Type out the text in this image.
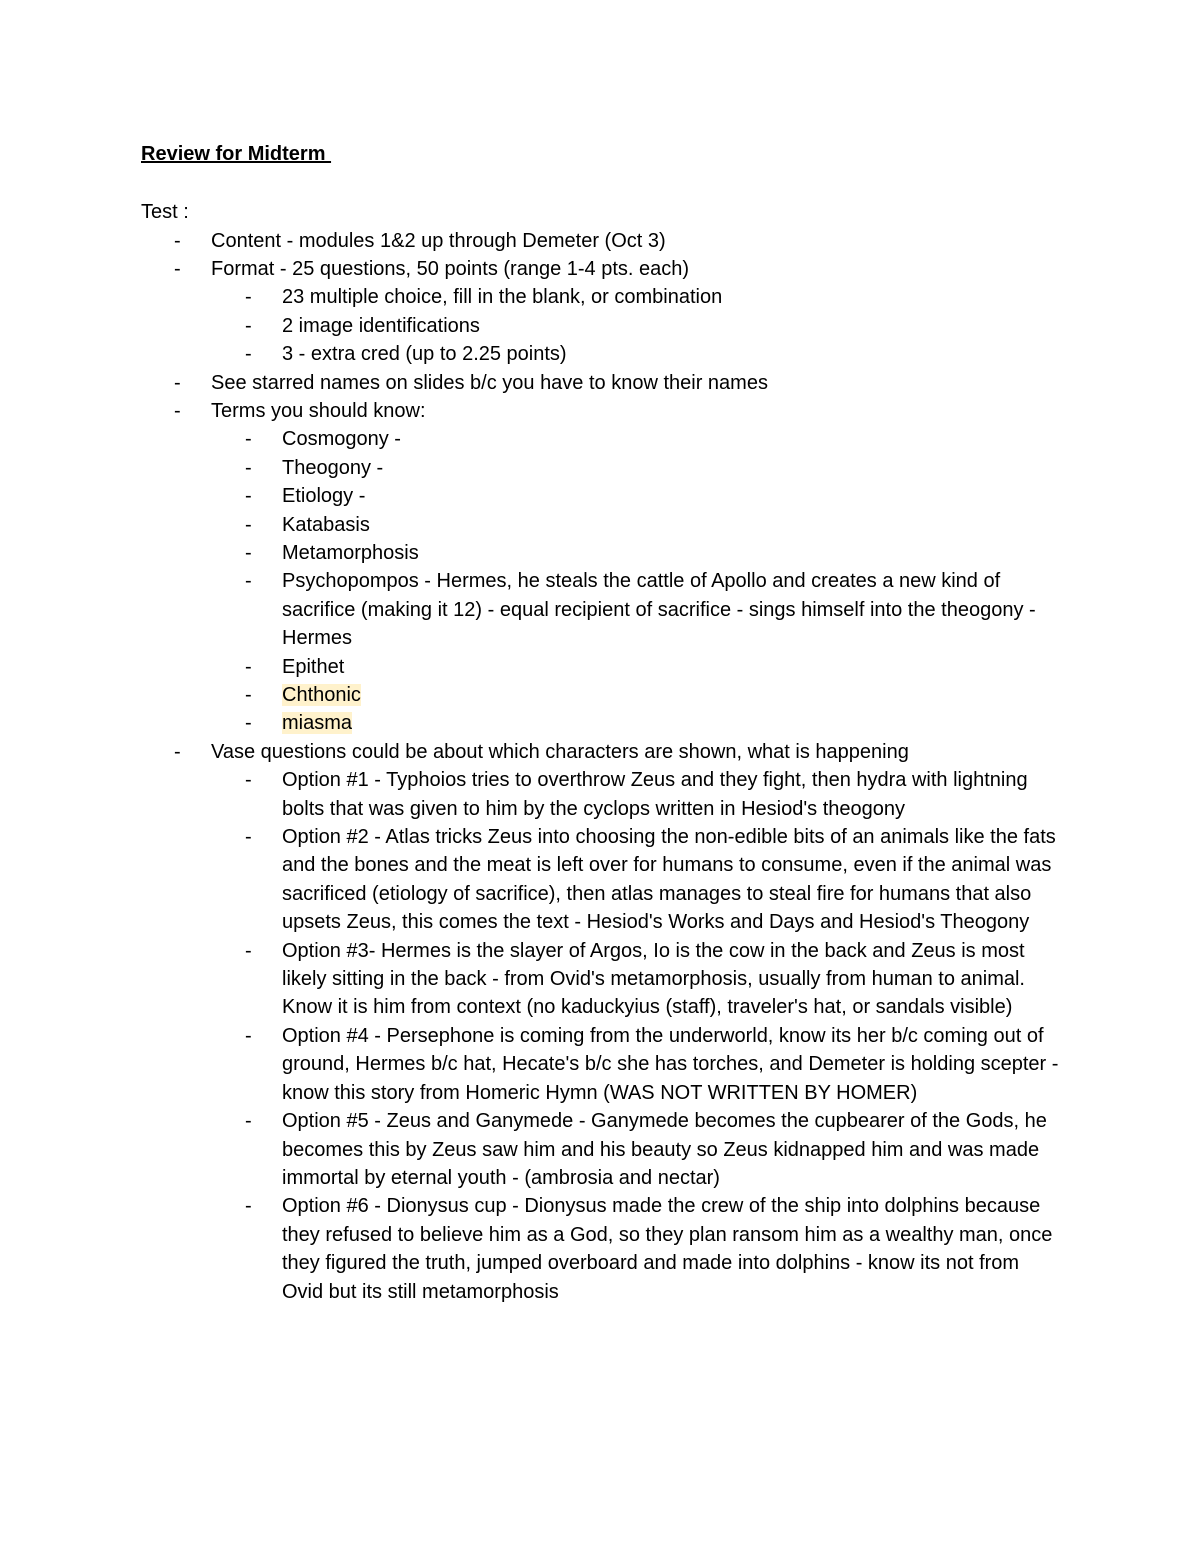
Review for Midterm
Test :
- Content - modules 1&2 up through Demeter (Oct 3)
- Format - 25 questions, 50 points (range 1-4 pts. each)
- 23 multiple choice, fill in the blank, or combination
- 2 image identifications
- 3 - extra cred (up to 2.25 points)
- See starred names on slides b/c you have to know their names
- Terms you should know:
- Cosmogony -
- Theogony -
- Etiology -
- Katabasis
- Metamorphosis
- Psychopompos - Hermes, he steals the cattle of Apollo and creates a new kind of sacrifice (making it 12) - equal recipient of sacrifice - sings himself into the theogony - Hermes
- Epithet
- Chthonic
- miasma
- Vase questions could be about which characters are shown, what is happening
- Option #1 - Typhoios tries to overthrow Zeus and they fight, then hydra with lightning bolts that was given to him by the cyclops written in Hesiod's theogony
- Option #2 - Atlas tricks Zeus into choosing the non-edible bits of an animals like the fats and the bones and the meat is left over for humans to consume, even if the animal was sacrificed (etiology of sacrifice), then atlas manages to steal fire for humans that also upsets Zeus, this comes the text - Hesiod's Works and Days and Hesiod's Theogony
- Option #3- Hermes is the slayer of Argos, Io is the cow in the back and Zeus is most likely sitting in the back - from Ovid's metamorphosis, usually from human to animal. Know it is him from context (no kaduckyius (staff), traveler's hat, or sandals visible)
- Option #4 - Persephone is coming from the underworld, know its her b/c coming out of ground, Hermes b/c hat, Hecate's b/c she has torches, and Demeter is holding scepter - know this story from Homeric Hymn (WAS NOT WRITTEN BY HOMER)
- Option #5 - Zeus and Ganymede - Ganymede becomes the cupbearer of the Gods, he becomes this by Zeus saw him and his beauty so Zeus kidnapped him and was made immortal by eternal youth - (ambrosia and nectar)
- Option #6 - Dionysus cup - Dionysus made the crew of the ship into dolphins because they refused to believe him as a God, so they plan ransom him as a wealthy man, once they figured the truth, jumped overboard and made into dolphins - know its not from Ovid but its still metamorphosis
